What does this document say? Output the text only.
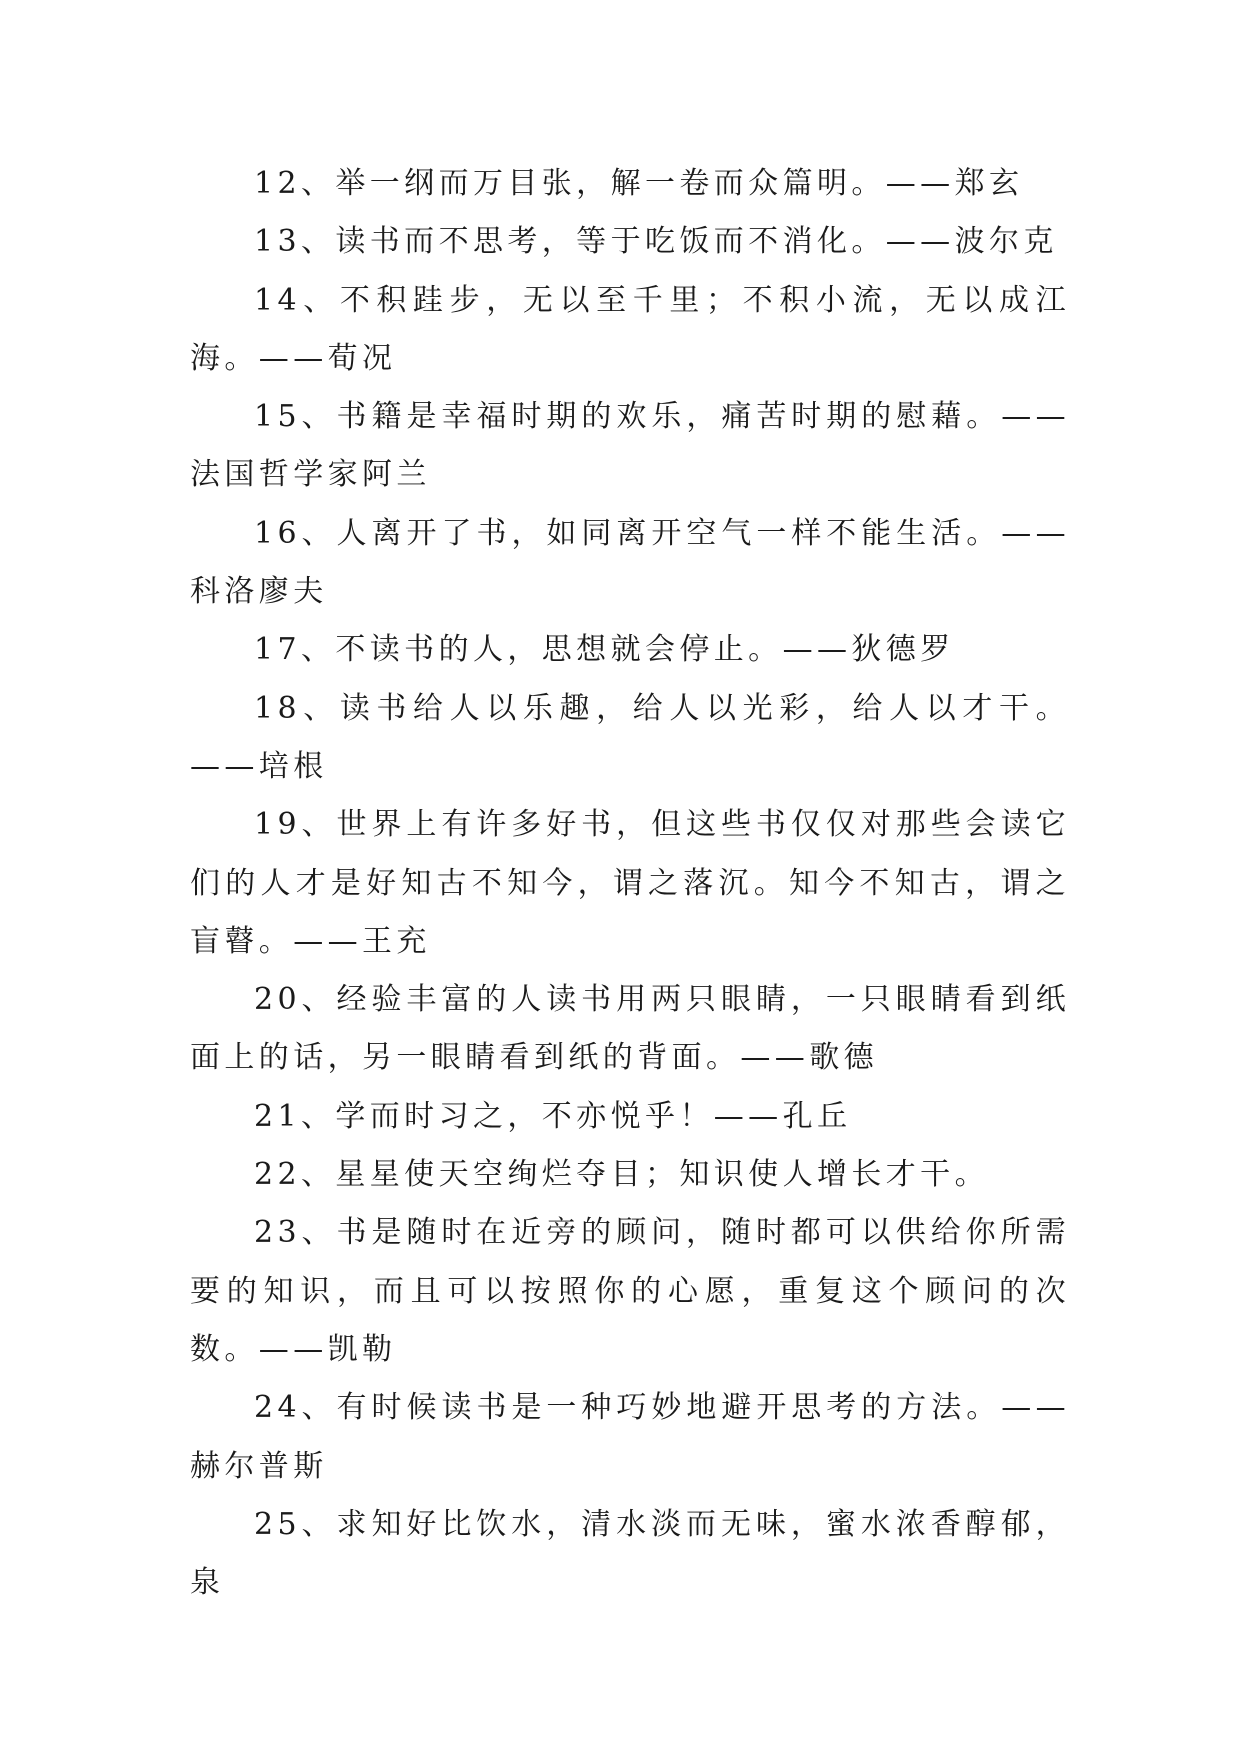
12、举一纲而万目张，解一卷而众篇明。——郑玄

13、读书而不思考，等于吃饭而不消化。——波尔克

14、不积跬步，无以至千里；不积小流，无以成江海。——荀况

15、书籍是幸福时期的欢乐，痛苦时期的慰藉。——法国哲学家阿兰

16、人离开了书，如同离开空气一样不能生活。——科洛廖夫

17、不读书的人，思想就会停止。——狄德罗

18、读书给人以乐趣，给人以光彩，给人以才干。——培根

19、世界上有许多好书，但这些书仅仅对那些会读它们的人才是好知古不知今，谓之落沉。知今不知古，谓之盲瞽。——王充

20、经验丰富的人读书用两只眼睛，一只眼睛看到纸面上的话，另一眼睛看到纸的背面。——歌德

21、学而时习之，不亦悦乎！——孔丘

22、星星使天空绚烂夺目；知识使人增长才干。

23、书是随时在近旁的顾问，随时都可以供给你所需要的知识，而且可以按照你的心愿，重复这个顾问的次数。——凯勒

24、有时候读书是一种巧妙地避开思考的方法。——赫尔普斯

25、求知好比饮水，清水淡而无味，蜜水浓香醇郁，泉
